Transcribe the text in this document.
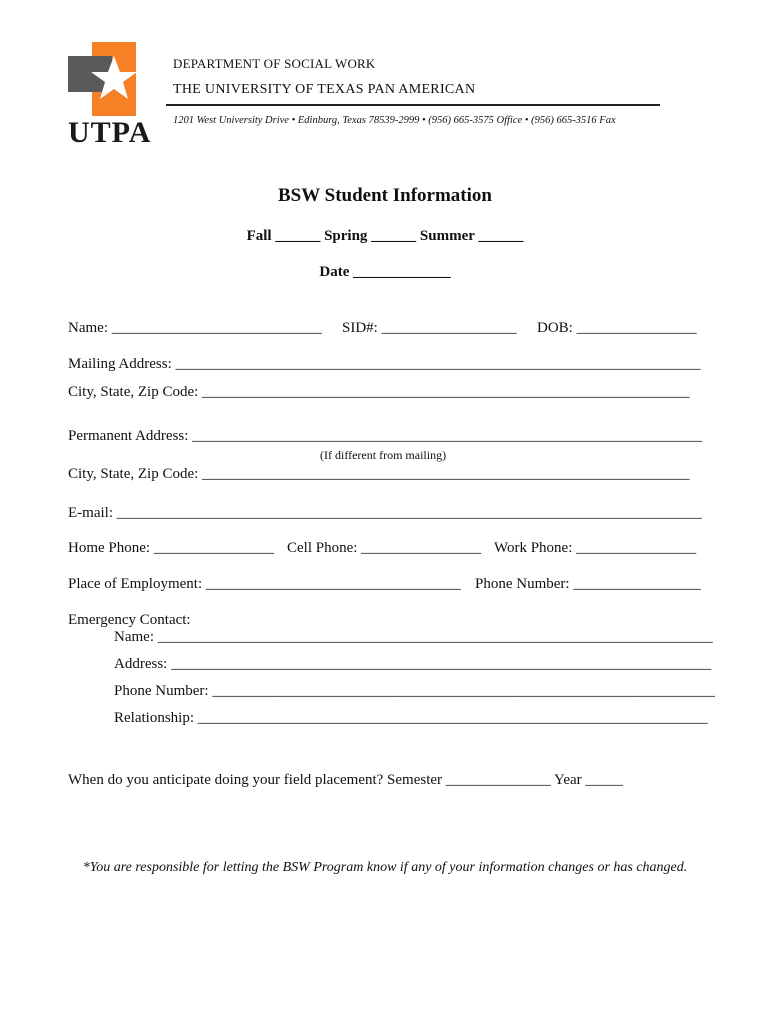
UTPA
DEPARTMENT OF SOCIAL WORK
THE UNIVERSITY OF TEXAS PAN AMERICAN
1201 West University Drive • Edinburg, Texas 78539-2999 • (956) 665-3575 Office • (956) 665-3516 Fax
BSW Student Information
Fall ______ Spring ______ Summer ______
Date _____________
Name: ____________________________ SID#: __________________ DOB: ________________
Mailing Address: ______________________________________________________________________
City, State, Zip Code: _________________________________________________________________
Permanent Address: ____________________________________________________________________
(If different from mailing)
City, State, Zip Code: _________________________________________________________________
E-mail: ______________________________________________________________________________
Home Phone: ________________ Cell Phone: ________________ Work Phone: ________________
Place of Employment: __________________________________ Phone Number: _________________
Emergency Contact:
Name: __________________________________________________________________________
Address: ________________________________________________________________________
Phone Number: ___________________________________________________________________
Relationship: ____________________________________________________________________
When do you anticipate doing your field placement? Semester ______________ Year _____
*You are responsible for letting the BSW Program know if any of your information changes or has changed.
